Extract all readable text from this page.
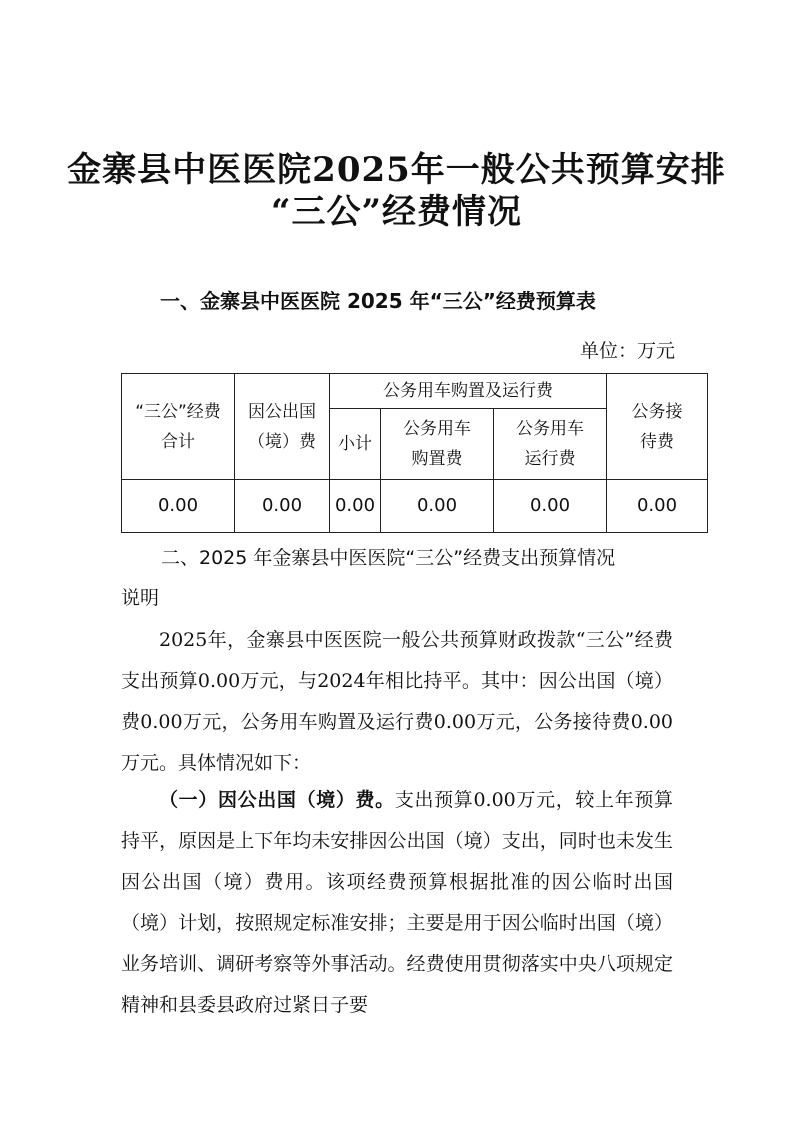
金寨县中医医院2025年一般公共预算安排
“三公”经费情况
一、金寨县中医医院 2025 年“三公”经费预算表
单位：万元
“三公”经费合计	因公出国（境）费	公务用车购置及运行费			公务接待费
		小计	公务用车购置费	公务用车运行费	
0.00	0.00	0.00	0.00	0.00	0.00
二、2025 年金寨县中医医院“三公”经费支出预算情况
说明

2025年，金寨县中医医院一般公共预算财政拨款“三公”经费支出预算0.00万元，与2024年相比持平。其中：因公出国（境）费0.00万元，公务用车购置及运行费0.00万元，公务接待费0.00万元。具体情况如下：

（一）因公出国（境）费。支出预算0.00万元，较上年预算持平，原因是上下年均未安排因公出国（境）支出，同时也未发生因公出国（境）费用。该项经费预算根据批准的因公临时出国（境）计划，按照规定标准安排；主要是用于因公临时出国（境）业务培训、调研考察等外事活动。经费使用贯彻落实中央八项规定精神和县委县政府过紧日子要
